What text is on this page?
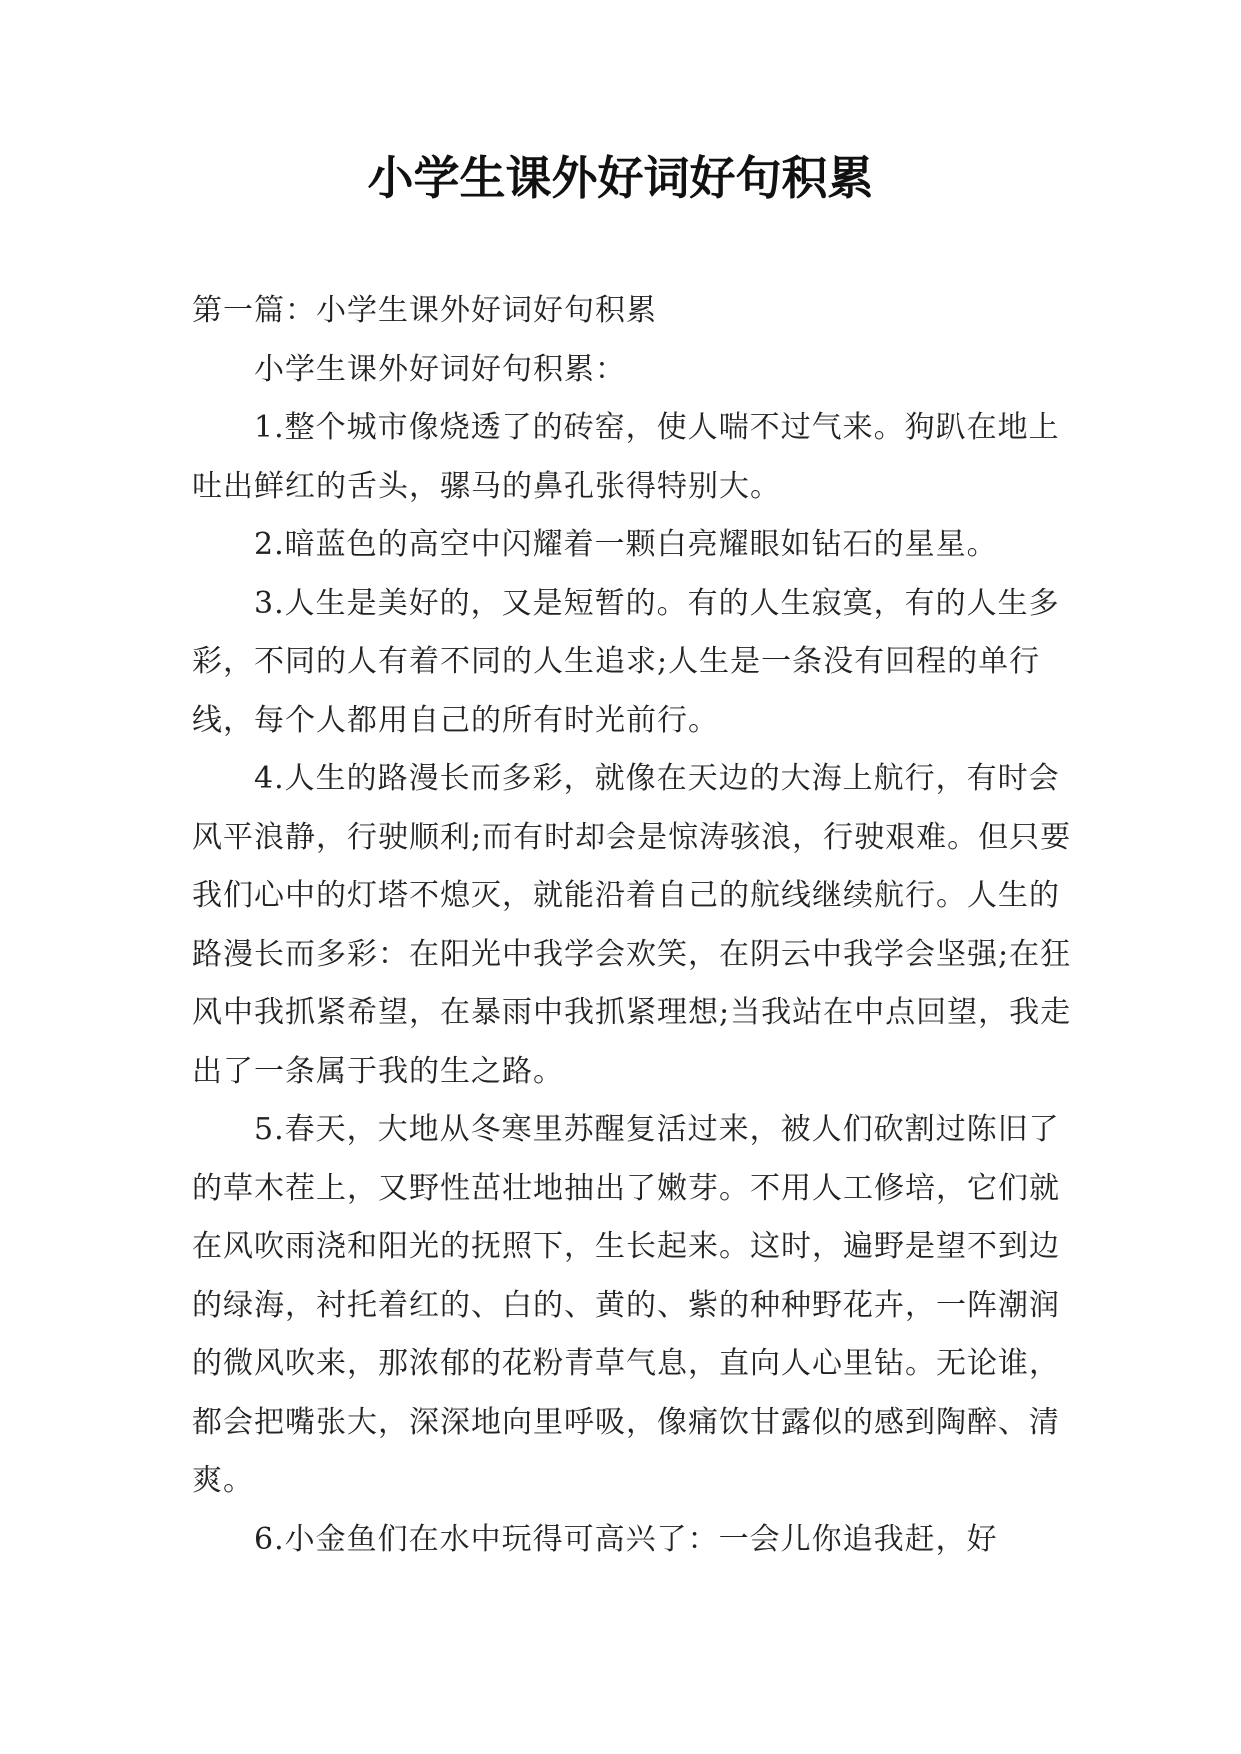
小学生课外好词好句积累

第一篇：小学生课外好词好句积累

小学生课外好词好句积累：

1.整个城市像烧透了的砖窑，使人喘不过气来。狗趴在地上吐出鲜红的舌头，骡马的鼻孔张得特别大。

2.暗蓝色的高空中闪耀着一颗白亮耀眼如钻石的星星。

3.人生是美好的，又是短暂的。有的人生寂寞，有的人生多彩，不同的人有着不同的人生追求;人生是一条没有回程的单行线，每个人都用自己的所有时光前行。

4.人生的路漫长而多彩，就像在天边的大海上航行，有时会风平浪静，行驶顺利;而有时却会是惊涛骇浪，行驶艰难。但只要我们心中的灯塔不熄灭，就能沿着自己的航线继续航行。人生的路漫长而多彩：在阳光中我学会欢笑，在阴云中我学会坚强;在狂风中我抓紧希望，在暴雨中我抓紧理想;当我站在中点回望，我走出了一条属于我的生之路。

5.春天，大地从冬寒里苏醒复活过来，被人们砍割过陈旧了的草木茬上，又野性茁壮地抽出了嫩芽。不用人工修培，它们就在风吹雨浇和阳光的抚照下，生长起来。这时，遍野是望不到边的绿海，衬托着红的、白的、黄的、紫的种种野花卉，一阵潮润的微风吹来，那浓郁的花粉青草气息，直向人心里钻。无论谁，都会把嘴张大，深深地向里呼吸，像痛饮甘露似的感到陶醉、清爽。

6.小金鱼们在水中玩得可高兴了：一会儿你追我赶，好
